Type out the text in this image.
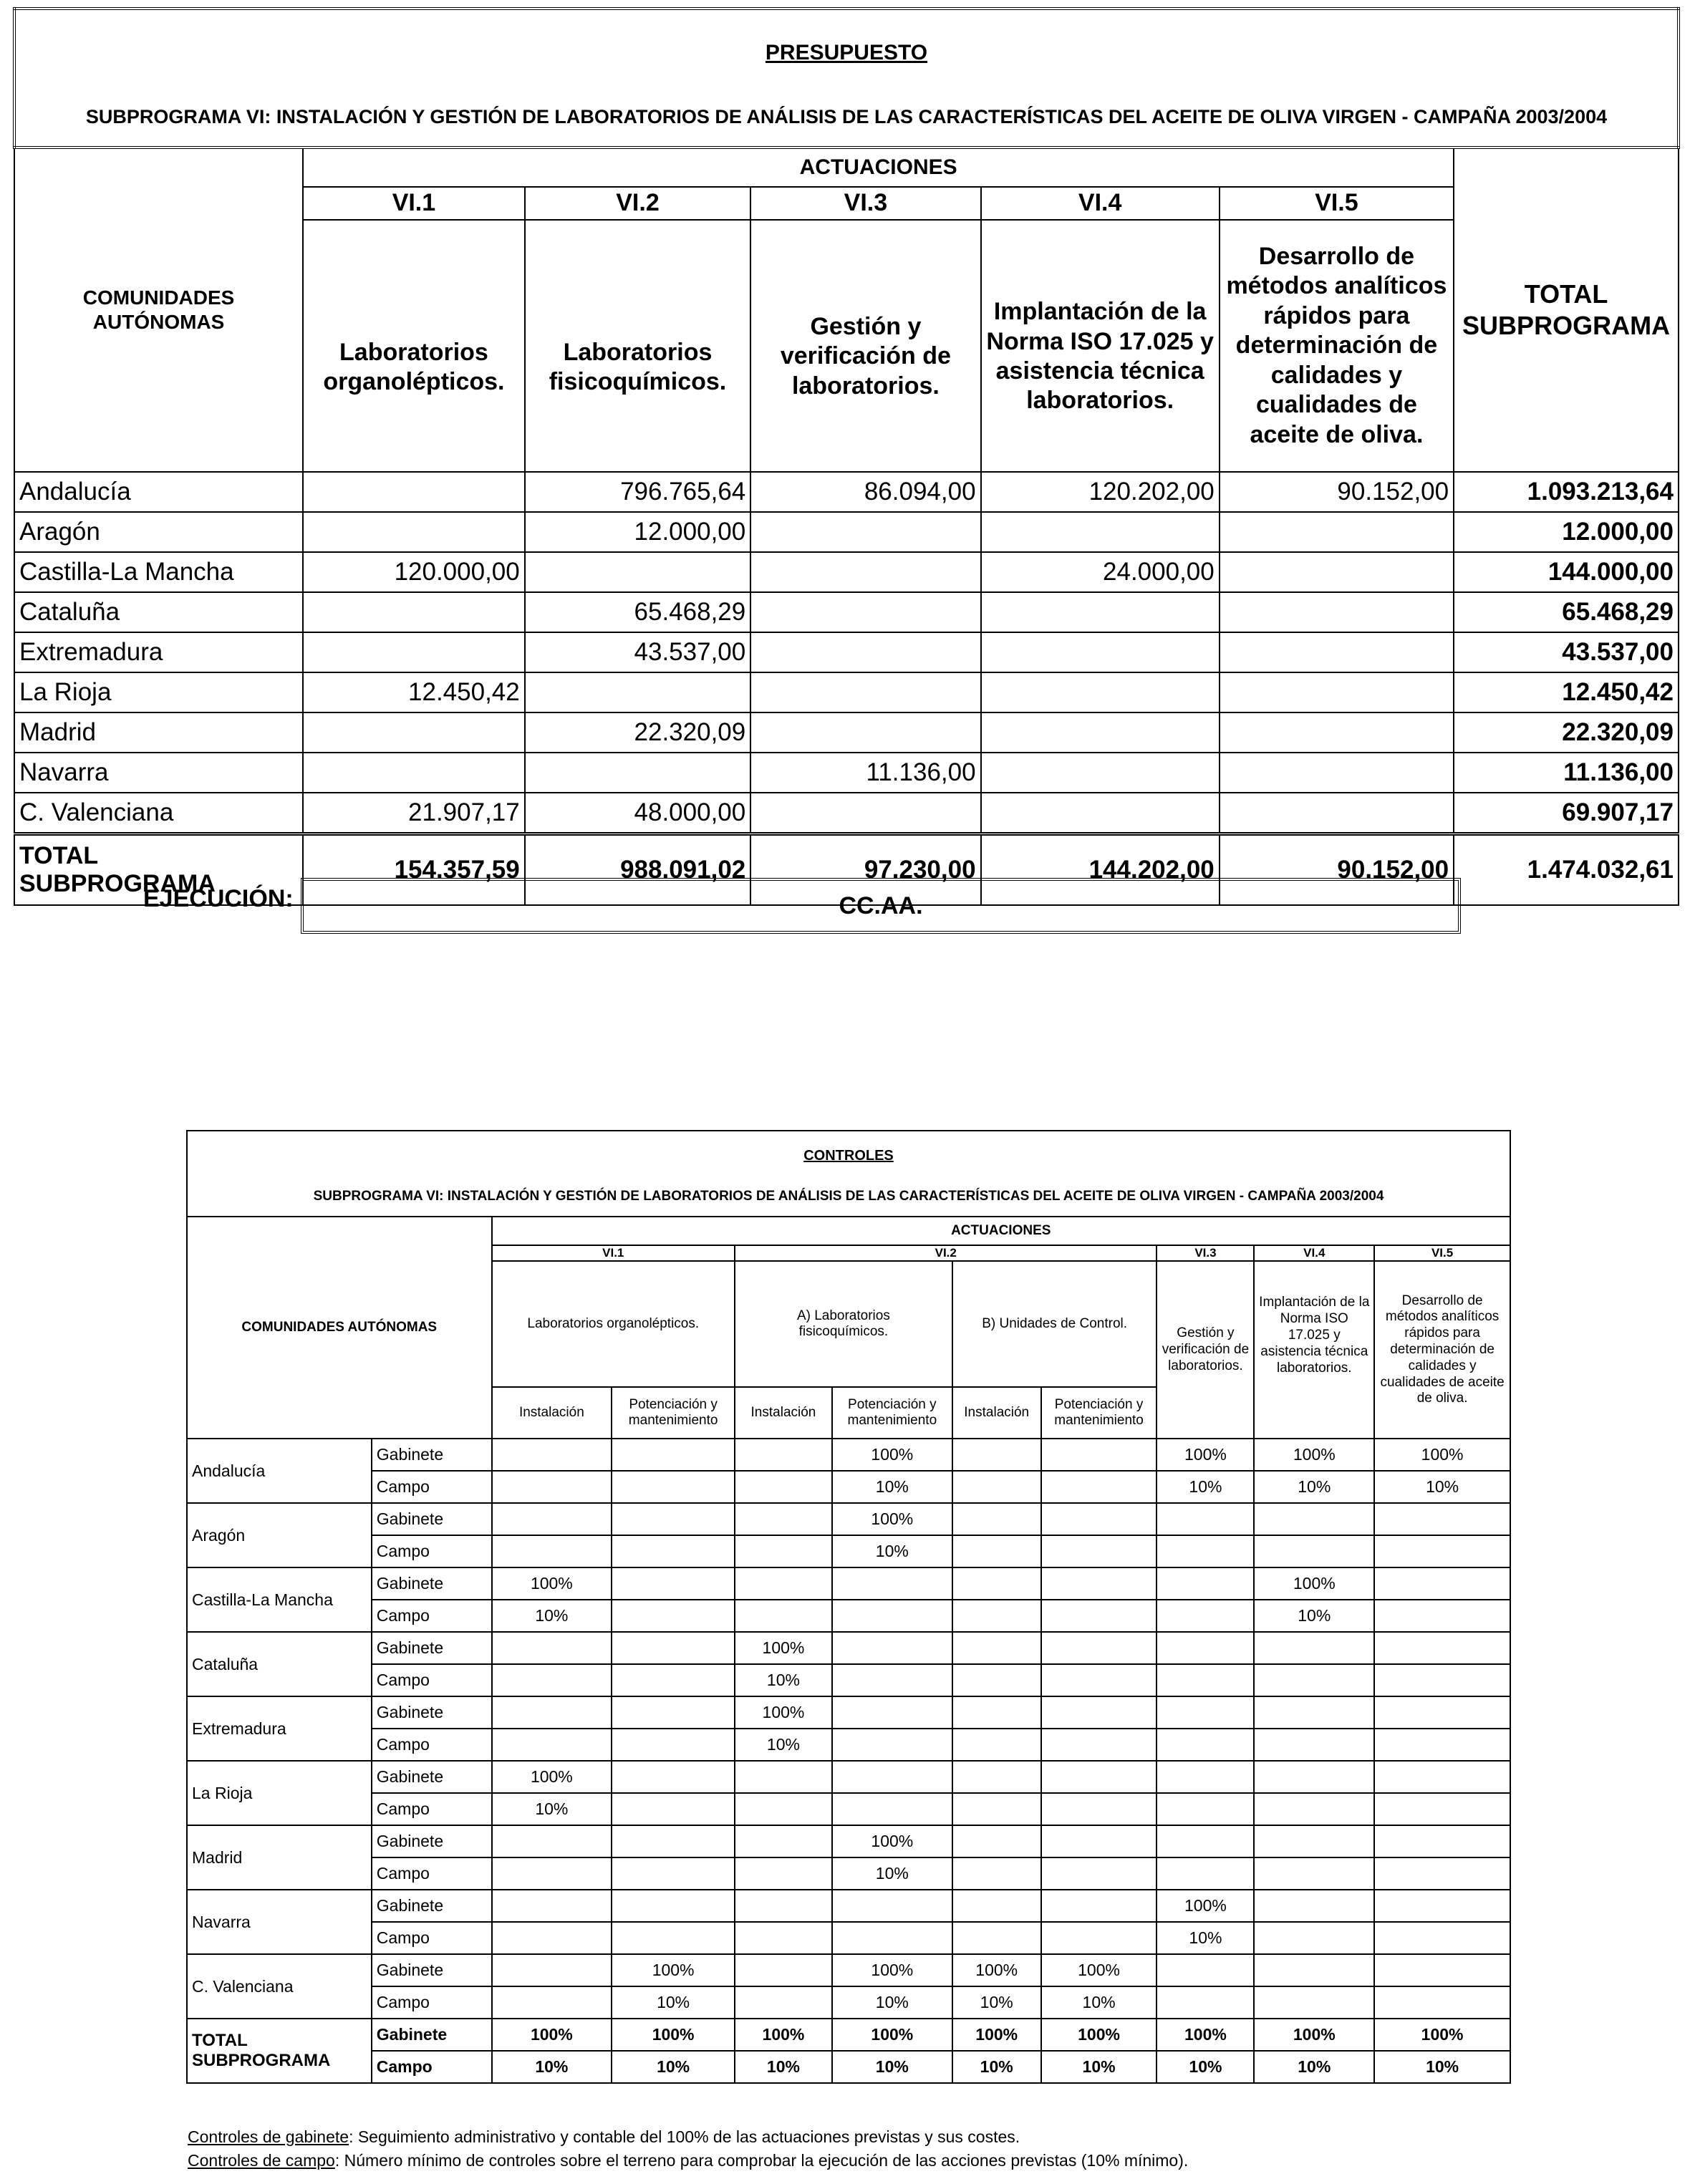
PRESUPUESTO
SUBPROGRAMA VI: INSTALACIÓN Y GESTIÓN DE LABORATORIOS DE ANÁLISIS DE LAS CARACTERÍSTICAS DEL ACEITE DE OLIVA VIRGEN - CAMPAÑA 2003/2004						

COMUNIDADES AUTÓNOMAS	ACTUACIONES					TOTAL SUBPROGRAMA
	VI.1	VI.2	VI.3	VI.4	VI.5	
	Laboratorios organolépticos.	Laboratorios fisicoquímicos.	Gestión y verificación de laboratorios.	Implantación de la Norma ISO 17.025 y asistencia técnica laboratorios.	Desarrollo de métodos analíticos rápidos para determinación de calidades y cualidades de aceite de oliva.	
Andalucía		796.765,64	86.094,00	120.202,00	90.152,00	1.093.213,64
Aragón		12.000,00				12.000,00
Castilla-La Mancha	120.000,00			24.000,00		144.000,00
Cataluña		65.468,29				65.468,29
Extremadura		43.537,00				43.537,00
La Rioja	12.450,42					12.450,42
Madrid		22.320,09				22.320,09
Navarra			11.136,00			11.136,00
C. Valenciana	21.907,17	48.000,00				69.907,17
TOTAL SUBPROGRAMA	154.357,59	988.091,02	97.230,00	144.202,00	90.152,00	1.474.032,61
EJECUCIÓN:	CC.AA.
CONTROLES
SUBPROGRAMA VI: INSTALACIÓN Y GESTIÓN DE LABORATORIOS DE ANÁLISIS DE LAS CARACTERÍSTICAS DEL ACEITE DE OLIVA VIRGEN - CAMPAÑA 2003/2004										

COMUNIDADES AUTÓNOMAS		ACTUACIONES								
		VI.1		VI.2				VI.3	VI.4	VI.5
		Laboratorios organolépticos.		A) Laboratorios fisicoquímicos.		B) Unidades de Control.		Gestión y verificación de laboratorios.	Implantación de la Norma ISO 17.025 y asistencia técnica laboratorios.	Desarrollo de métodos analíticos rápidos para determinación de calidades y cualidades de aceite de oliva.
		Instalación	Potenciación y mantenimiento	Instalación	Potenciación y mantenimiento	Instalación	Potenciación y mantenimiento			
Andalucía	Gabinete				100%			100%	100%	100%
	Campo				10%			10%	10%	10%
Aragón	Gabinete				100%					
	Campo				10%					
Castilla-La Mancha	Gabinete	100%							100%	
	Campo	10%							10%	
Cataluña	Gabinete			100%						
	Campo			10%						
Extremadura	Gabinete			100%						
	Campo			10%						
La Rioja	Gabinete	100%								
	Campo	10%								
Madrid	Gabinete				100%					
	Campo				10%					
Navarra	Gabinete							100%		
	Campo							10%		
C. Valenciana	Gabinete		100%		100%	100%	100%			
	Campo		10%		10%	10%	10%			
TOTAL SUBPROGRAMA	Gabinete	100%	100%	100%	100%	100%	100%	100%	100%	100%
	Campo	10%	10%	10%	10%	10%	10%	10%	10%	10%
Controles de gabinete: Seguimiento administrativo y contable del 100% de las actuaciones previstas y sus costes.
Controles de campo: Número mínimo de controles sobre el terreno para comprobar la ejecución de las acciones previstas (10% mínimo).
